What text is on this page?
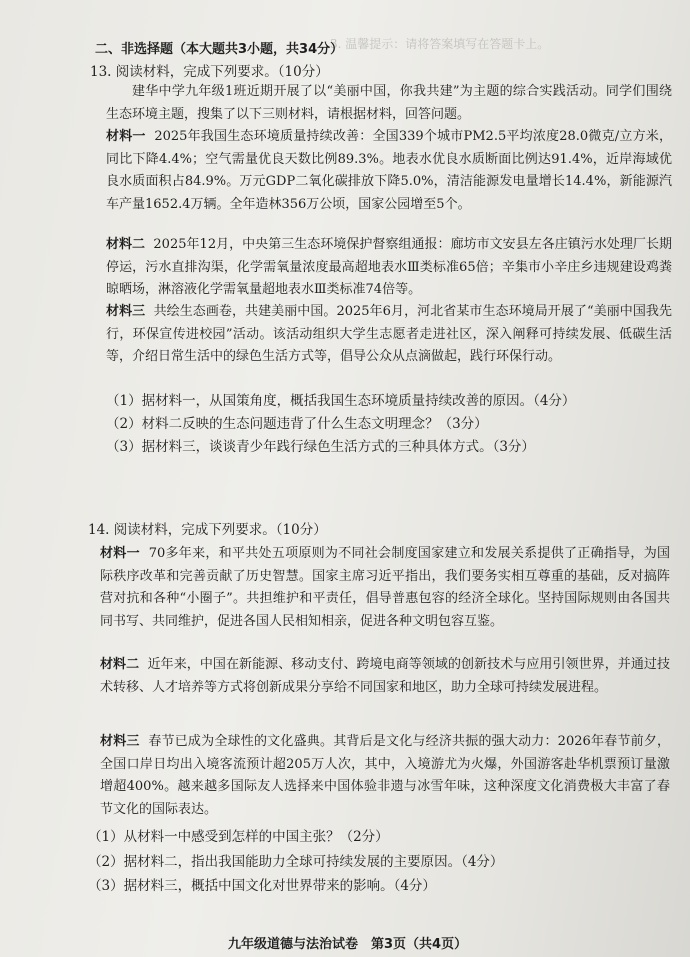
3. 温馨提示：请将答案填写在答题卡上。
二、非选择题（本大题共3小题，共34分）
13. 阅读材料，完成下列要求。（10分）
建华中学九年级1班近期开展了以“美丽中国，你我共建”为主题的综合实践活动。同学们围绕生态环境主题，搜集了以下三则材料，请根据材料，回答问题。
材料一 2025年我国生态环境质量持续改善：全国339个城市PM2.5平均浓度28.0微克/立方米，同比下降4.4%；空气需量优良天数比例89.3%。地表水优良水质断面比例达91.4%，近岸海域优良水质面积占84.9%。万元GDP二氧化碳排放下降5.0%，清洁能源发电量增长14.4%，新能源汽车产量1652.4万辆。全年造林356万公顷，国家公园增至5个。
材料二 2025年12月，中央第三生态环境保护督察组通报：廊坊市文安县左各庄镇污水处理厂长期停运，污水直排沟渠，化学需氧量浓度最高超地表水Ⅲ类标准65倍；辛集市小辛庄乡违规建设鸡粪晾晒场，淋溶液化学需氧量超地表水Ⅲ类标准74倍等。
材料三 共绘生态画卷，共建美丽中国。2025年6月，河北省某市生态环境局开展了“美丽中国我先行，环保宣传进校园”活动。该活动组织大学生志愿者走进社区，深入阐释可持续发展、低碳生活等，介绍日常生活中的绿色生活方式等，倡导公众从点滴做起，践行环保行动。
（1）据材料一，从国策角度，概括我国生态环境质量持续改善的原因。（4分）
（2）材料二反映的生态问题违背了什么生态文明理念？（3分）
（3）据材料三，谈谈青少年践行绿色生活方式的三种具体方式。（3分）
14. 阅读材料，完成下列要求。（10分）
材料一 70多年来，和平共处五项原则为不同社会制度国家建立和发展关系提供了正确指导，为国际秩序改革和完善贡献了历史智慧。国家主席习近平指出，我们要务实相互尊重的基础，反对搞阵营对抗和各种“小圈子”。共担维护和平责任，倡导普惠包容的经济全球化。坚持国际规则由各国共同书写、共同维护，促进各国人民相知相亲，促进各种文明包容互鉴。
材料二 近年来，中国在新能源、移动支付、跨境电商等领域的创新技术与应用引领世界，并通过技术转移、人才培养等方式将创新成果分享给不同国家和地区，助力全球可持续发展进程。
材料三 春节已成为全球性的文化盛典。其背后是文化与经济共振的强大动力：2026年春节前夕，全国口岸日均出入境客流预计超205万人次，其中，入境游尤为火爆，外国游客赴华机票预订量激增超400%。越来越多国际友人选择来中国体验非遗与冰雪年味，这种深度文化消费极大丰富了春节文化的国际表达。
（1）从材料一中感受到怎样的中国主张？（2分）
（2）据材料二，指出我国能助力全球可持续发展的主要原因。（4分）
（3）据材料三，概括中国文化对世界带来的影响。（4分）
九年级道德与法治试卷　第3页（共4页）
